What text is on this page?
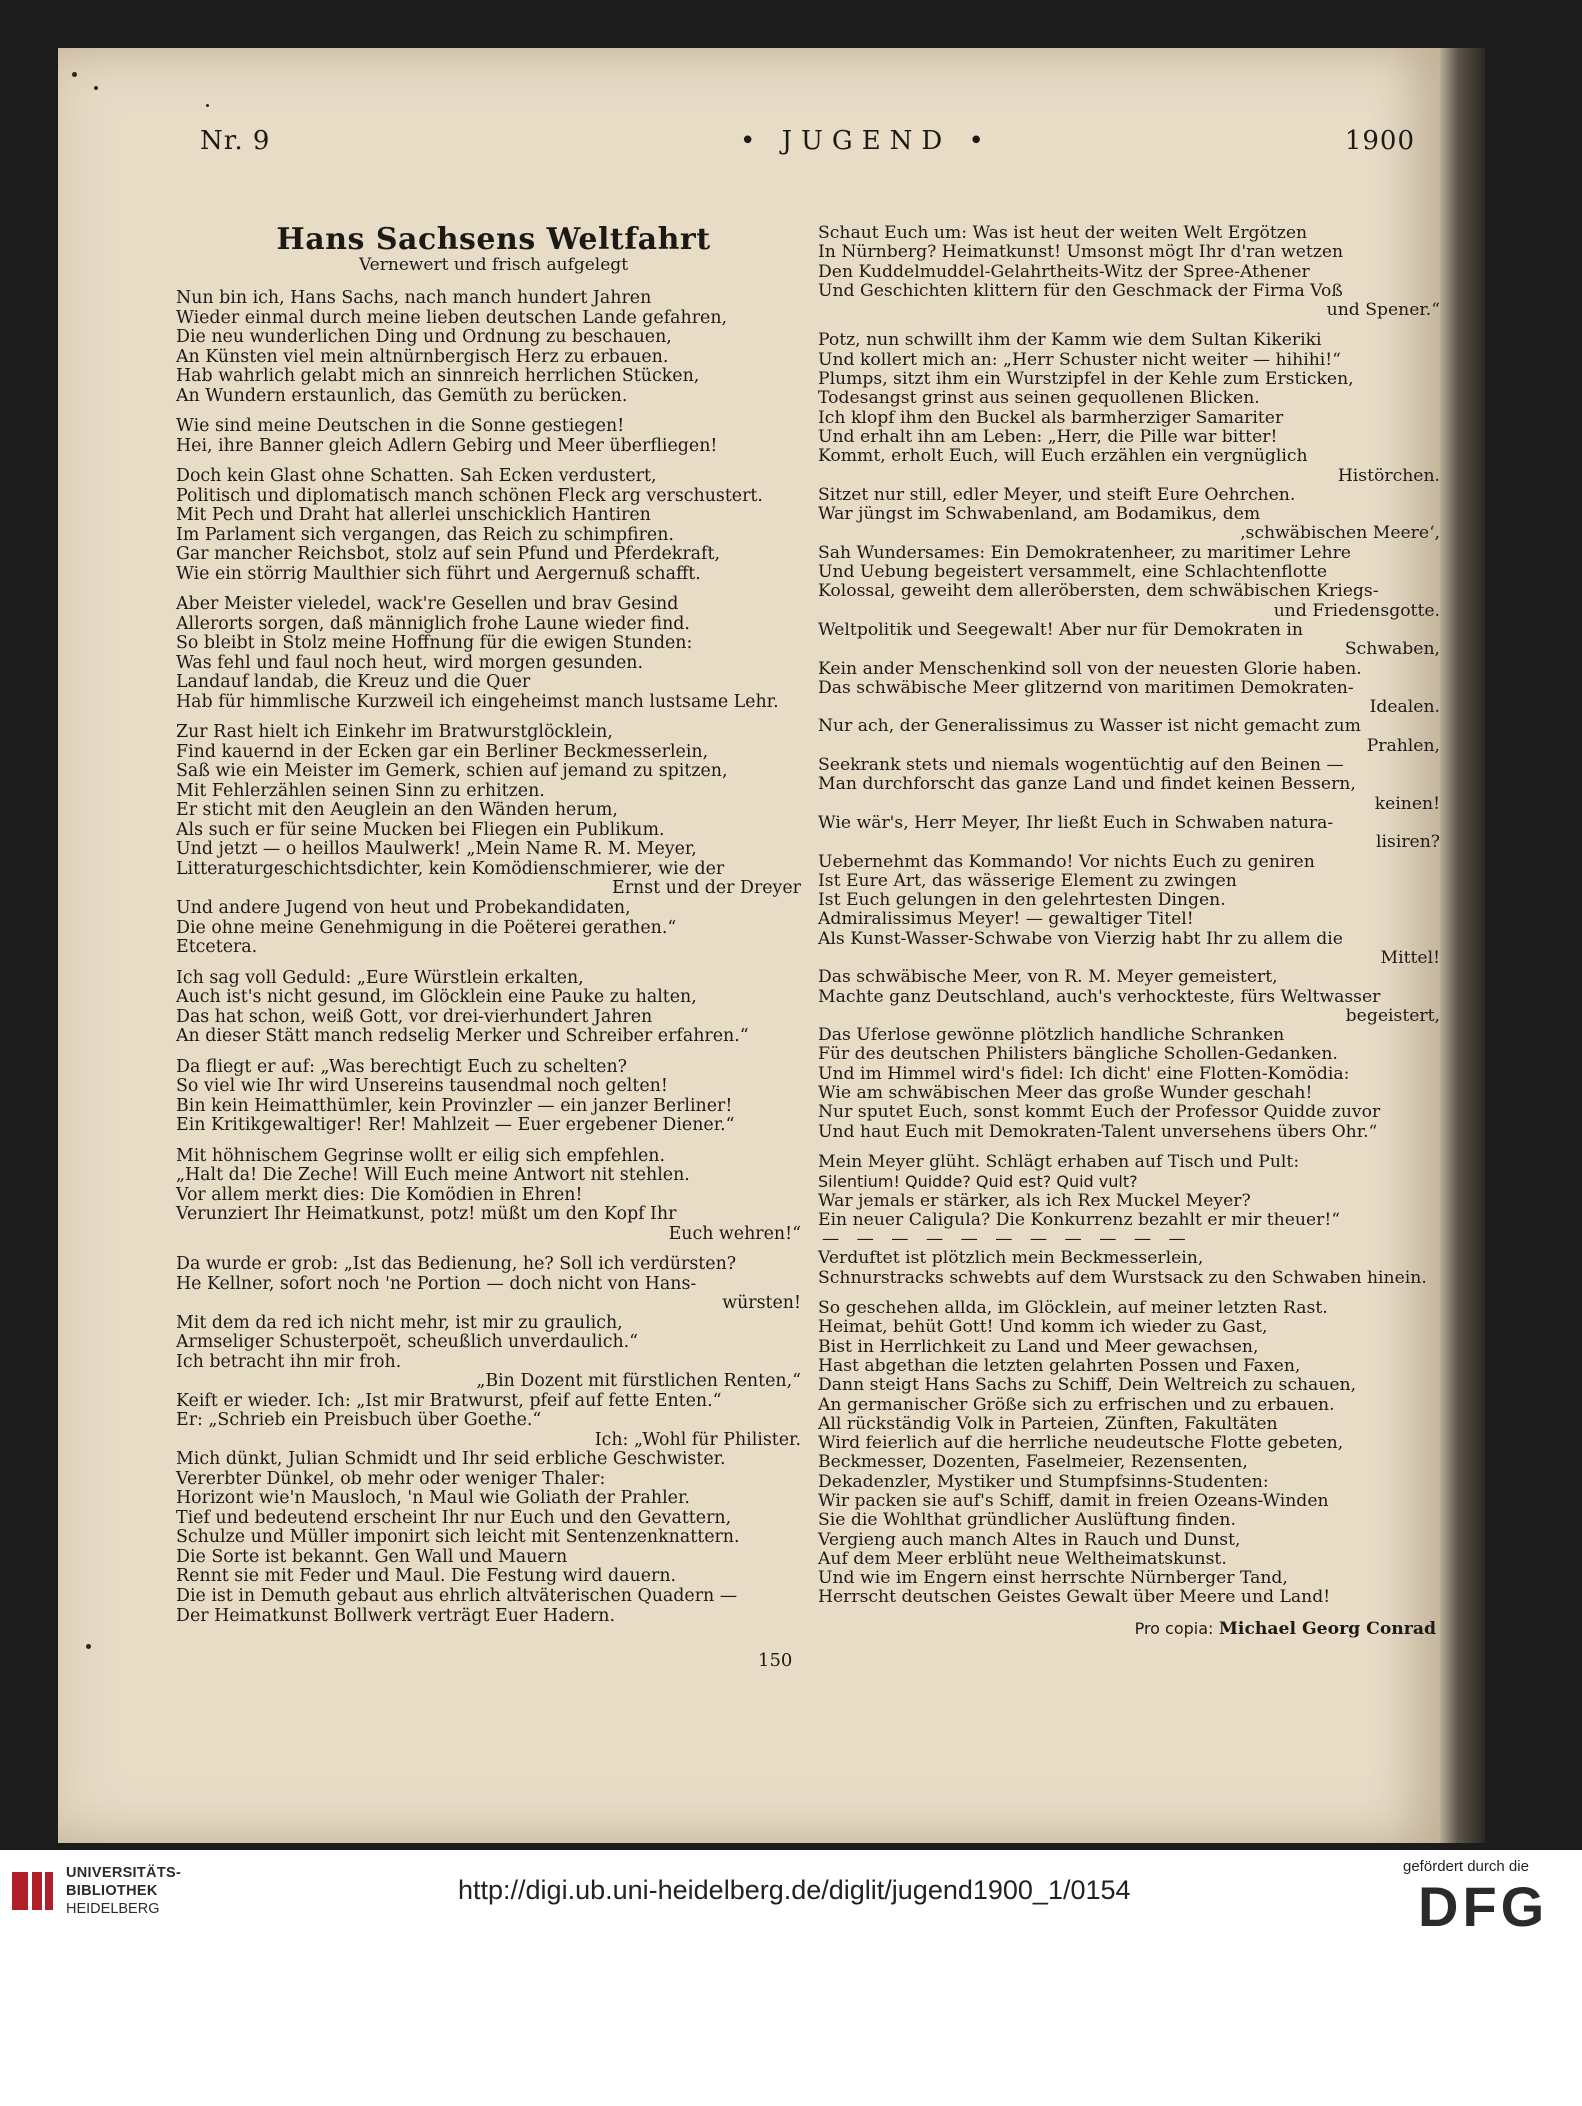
Nr. 9	• JUGEND •	1900
Hans Sachsens Weltfahrt
Vernewert und frisch aufgelegt
Nun bin ich, Hans Sachs, nach manch hundert Jahren
Wieder einmal durch meine lieben deutschen Lande gefahren,
Die neu wunderlichen Ding und Ordnung zu beschauen,
An Künsten viel mein altnürnbergisch Herz zu erbauen.
Hab wahrlich gelabt mich an sinnreich herrlichen Stücken,
An Wundern erstaunlich, das Gemüth zu berücken.
Wie sind meine Deutschen in die Sonne gestiegen!
Hei, ihre Banner gleich Adlern Gebirg und Meer überfliegen!
Doch kein Glast ohne Schatten. Sah Ecken verdustert,
Politisch und diplomatisch manch schönen Fleck arg verschustert.
Mit Pech und Draht hat allerlei unschicklich Hantiren
Im Parlament sich vergangen, das Reich zu schimpfiren.
Gar mancher Reichsbot, stolz auf sein Pfund und Pferdekraft,
Wie ein störrig Maulthier sich führt und Aergernuß schafft.
Aber Meister vieledel, wack're Gesellen und brav Gesind
Allerorts sorgen, daß männiglich frohe Laune wieder find.
So bleibt in Stolz meine Hoffnung für die ewigen Stunden:
Was fehl und faul noch heut, wird morgen gesunden.
Landauf landab, die Kreuz und die Quer
Hab für himmlische Kurzweil ich eingeheimst manch lustsame Lehr.
Zur Rast hielt ich Einkehr im Bratwurstglöcklein,
Find kauernd in der Ecken gar ein Berliner Beckmesserlein,
Saß wie ein Meister im Gemerk, schien auf jemand zu spitzen,
Mit Fehlerzählen seinen Sinn zu erhitzen.
Er sticht mit den Aeuglein an den Wänden herum,
Als such er für seine Mucken bei Fliegen ein Publikum.
Und jetzt — o heillos Maulwerk! „Mein Name R. M. Meyer,
Litteraturgeschichtsdichter, kein Komödienschmierer, wie der
Ernst und der Dreyer
Und andere Jugend von heut und Probekandidaten,
Die ohne meine Genehmigung in die Poëterei gerathen.“
Etcetera.
Ich sag voll Geduld: „Eure Würstlein erkalten,
Auch ist's nicht gesund, im Glöcklein eine Pauke zu halten,
Das hat schon, weiß Gott, vor drei-vierhundert Jahren
An dieser Stätt manch redselig Merker und Schreiber erfahren.“
Da fliegt er auf: „Was berechtigt Euch zu schelten?
So viel wie Ihr wird Unsereins tausendmal noch gelten!
Bin kein Heimatthümler, kein Provinzler — ein janzer Berliner!
Ein Kritikgewaltiger! Rer! Mahlzeit — Euer ergebener Diener.“
Mit höhnischem Gegrinse wollt er eilig sich empfehlen.
„Halt da! Die Zeche! Will Euch meine Antwort nit stehlen.
Vor allem merkt dies: Die Komödien in Ehren!
Verunziert Ihr Heimatkunst, potz! müßt um den Kopf Ihr
Euch wehren!“
Da wurde er grob: „Ist das Bedienung, he? Soll ich verdürsten?
He Kellner, sofort noch 'ne Portion — doch nicht von Hans-
würsten!
Mit dem da red ich nicht mehr, ist mir zu graulich,
Armseliger Schusterpoët, scheußlich unverdaulich.“
Ich betracht ihn mir froh.
„Bin Dozent mit fürstlichen Renten,“
Keift er wieder. Ich: „Ist mir Bratwurst, pfeif auf fette Enten.“
Er: „Schrieb ein Preisbuch über Goethe.“
Ich: „Wohl für Philister.
Mich dünkt, Julian Schmidt und Ihr seid erbliche Geschwister.
Vererbter Dünkel, ob mehr oder weniger Thaler:
Horizont wie'n Mausloch, 'n Maul wie Goliath der Prahler.
Tief und bedeutend erscheint Ihr nur Euch und den Gevattern,
Schulze und Müller imponirt sich leicht mit Sentenzenknattern.
Die Sorte ist bekannt. Gen Wall und Mauern
Rennt sie mit Feder und Maul. Die Festung wird dauern.
Die ist in Demuth gebaut aus ehrlich altväterischen Quadern —
Der Heimatkunst Bollwerk verträgt Euer Hadern.
Schaut Euch um: Was ist heut der weiten Welt Ergötzen
In Nürnberg? Heimatkunst! Umsonst mögt Ihr d'ran wetzen
Den Kuddelmuddel-Gelahrtheits-Witz der Spree-Athener
Und Geschichten klittern für den Geschmack der Firma Voß
und Spener.“
Potz, nun schwillt ihm der Kamm wie dem Sultan Kikeriki
Und kollert mich an: „Herr Schuster nicht weiter — hihihi!“
Plumps, sitzt ihm ein Wurstzipfel in der Kehle zum Ersticken,
Todesangst grinst aus seinen gequollenen Blicken.
Ich klopf ihm den Buckel als barmherziger Samariter
Und erhalt ihn am Leben: „Herr, die Pille war bitter!
Kommt, erholt Euch, will Euch erzählen ein vergnüglich
Histörchen.
Sitzet nur still, edler Meyer, und steift Eure Oehrchen.
War jüngst im Schwabenland, am Bodamikus, dem
‚schwäbischen Meere‘,
Sah Wundersames: Ein Demokratenheer, zu maritimer Lehre
Und Uebung begeistert versammelt, eine Schlachtenflotte
Kolossal, geweiht dem alleröbersten, dem schwäbischen Kriegs-
und Friedensgotte.
Weltpolitik und Seegewalt! Aber nur für Demokraten in
Schwaben,
Kein ander Menschenkind soll von der neuesten Glorie haben.
Das schwäbische Meer glitzernd von maritimen Demokraten-
Idealen.
Nur ach, der Generalissimus zu Wasser ist nicht gemacht zum
Prahlen,
Seekrank stets und niemals wogentüchtig auf den Beinen —
Man durchforscht das ganze Land und findet keinen Bessern,
keinen!
Wie wär's, Herr Meyer, Ihr ließt Euch in Schwaben natura-
lisiren?
Uebernehmt das Kommando! Vor nichts Euch zu geniren
Ist Eure Art, das wässerige Element zu zwingen
Ist Euch gelungen in den gelehrtesten Dingen.
Admiralissimus Meyer! — gewaltiger Titel!
Als Kunst-Wasser-Schwabe von Vierzig habt Ihr zu allem die
Mittel!
Das schwäbische Meer, von R. M. Meyer gemeistert,
Machte ganz Deutschland, auch's verhockteste, fürs Weltwasser
begeistert,
Das Uferlose gewönne plötzlich handliche Schranken
Für des deutschen Philisters bängliche Schollen-Gedanken.
Und im Himmel wird's fidel: Ich dicht' eine Flotten-Komödia:
Wie am schwäbischen Meer das große Wunder geschah!
Nur sputet Euch, sonst kommt Euch der Professor Quidde zuvor
Und haut Euch mit Demokraten-Talent unversehens übers Ohr.“
Mein Meyer glüht. Schlägt erhaben auf Tisch und Pult:
Silentium! Quidde? Quid est? Quid vult?
War jemals er stärker, als ich Rex Muckel Meyer?
Ein neuer Caligula? Die Konkurrenz bezahlt er mir theuer!“
— — — — — — — — — — —
Verduftet ist plötzlich mein Beckmesserlein,
Schnurstracks schwebts auf dem Wurstsack zu den Schwaben hinein.
So geschehen allda, im Glöcklein, auf meiner letzten Rast.
Heimat, behüt Gott! Und komm ich wieder zu Gast,
Bist in Herrlichkeit zu Land und Meer gewachsen,
Hast abgethan die letzten gelahrten Possen und Faxen,
Dann steigt Hans Sachs zu Schiff, Dein Weltreich zu schauen,
An germanischer Größe sich zu erfrischen und zu erbauen.
All rückständig Volk in Parteien, Zünften, Fakultäten
Wird feierlich auf die herrliche neudeutsche Flotte gebeten,
Beckmesser, Dozenten, Faselmeier, Rezensenten,
Dekadenzler, Mystiker und Stumpfsinns-Studenten:
Wir packen sie auf's Schiff, damit in freien Ozeans-Winden
Sie die Wohlthat gründlicher Auslüftung finden.
Vergieng auch manch Altes in Rauch und Dunst,
Auf dem Meer erblüht neue Weltheimatskunst.
Und wie im Engern einst herrschte Nürnberger Tand,
Herrscht deutschen Geistes Gewalt über Meere und Land!
Pro copia: Michael Georg Conrad
150
UNIVERSITÄTS-
BIBLIOTHEK
HEIDELBERG
http://digi.ub.uni-heidelberg.de/diglit/jugend1900_1/0154
gefördert durch die
DFG
